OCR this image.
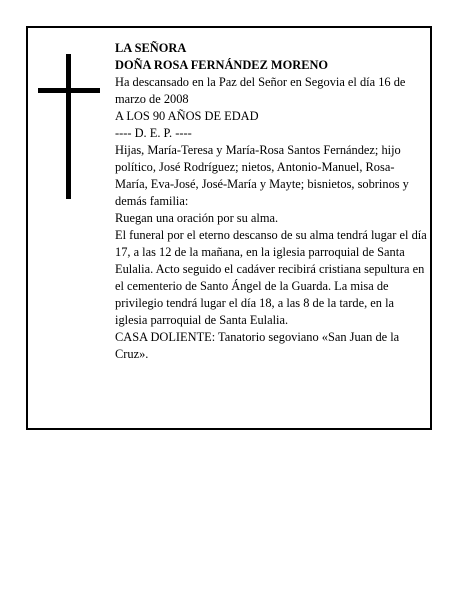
LA SEÑORA

DOÑA ROSA FERNÁNDEZ MORENO

Ha descansado en la Paz del Señor en Segovia el día 16 de marzo de 2008

A LOS 90 AÑOS DE EDAD

---- D. E. P. ----

Hijas, María-Teresa y María-Rosa Santos Fernández; hijo político, José Rodríguez; nietos, Antonio-Manuel, Rosa-María, Eva-José, José-María y Mayte; bisnietos, sobrinos y demás familia:

Ruegan una oración por su alma.

El funeral por el eterno descanso de su alma tendrá lugar el día 17, a las 12 de la mañana, en la iglesia parroquial de Santa Eulalia. Acto seguido el cadáver recibirá cristiana sepultura en el cementerio de Santo Ángel de la Guarda. La misa de privilegio tendrá lugar el día 18, a las 8 de la tarde, en la iglesia parroquial de Santa Eulalia.

CASA DOLIENTE: Tanatorio segoviano «San Juan de la Cruz».
